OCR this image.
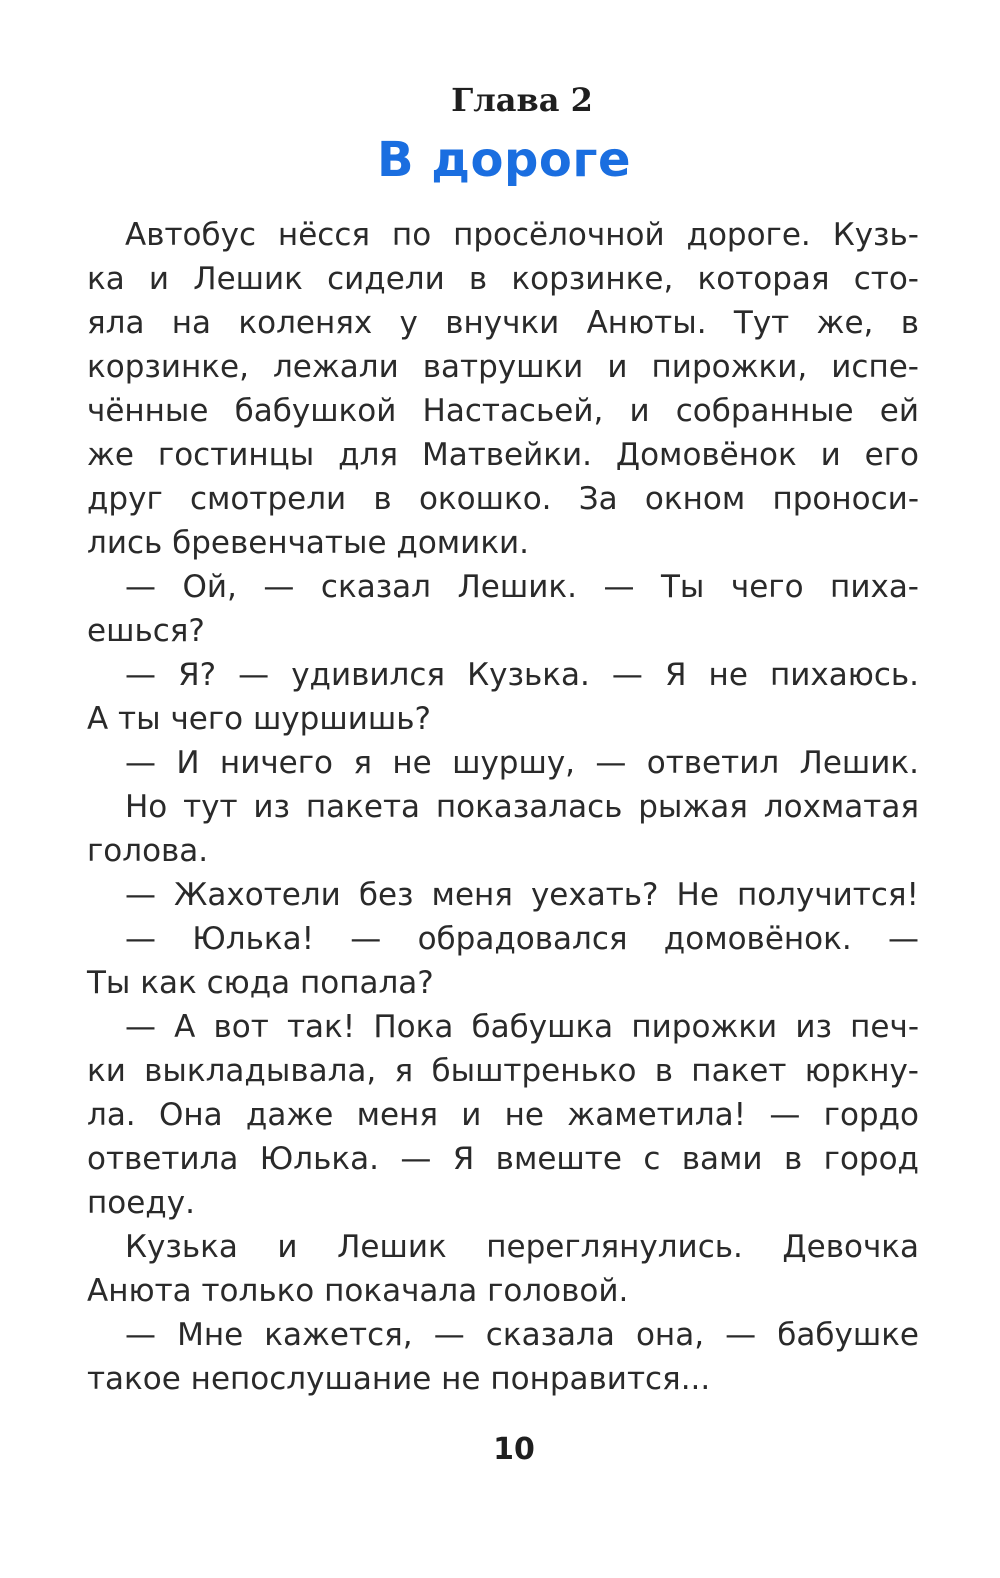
Глава 2
В дороге
Автобус нёсся по просёлочной дороге. Кузь-
ка и Лешик сидели в корзинке, которая сто-
яла на коленях у внучки Анюты. Тут же, в
корзинке, лежали ватрушки и пирожки, испе-
чённые бабушкой Настасьей, и собранные ей
же гостинцы для Матвейки. Домовёнок и его
друг смотрели в окошко. За окном проноси-
лись бревенчатые домики.
— Ой, — сказал Лешик. — Ты чего пиха-
ешься?
— Я? — удивился Кузька. — Я не пихаюсь.
А ты чего шуршишь?
— И ничего я не шуршу, — ответил Лешик.
Но тут из пакета показалась рыжая лохматая
голова.
— Жахотели без меня уехать? Не получится!
— Юлька! — обрадовался домовёнок. —
Ты как сюда попала?
— А вот так! Пока бабушка пирожки из печ-
ки выкладывала, я быштренько в пакет юркну-
ла. Она даже меня и не жаметила! — гордо
ответила Юлька. — Я вмеште с вами в город
поеду.
Кузька и Лешик переглянулись. Девочка
Анюта только покачала головой.
— Мне кажется, — сказала она, — бабушке
такое непослушание не понравится...
10
